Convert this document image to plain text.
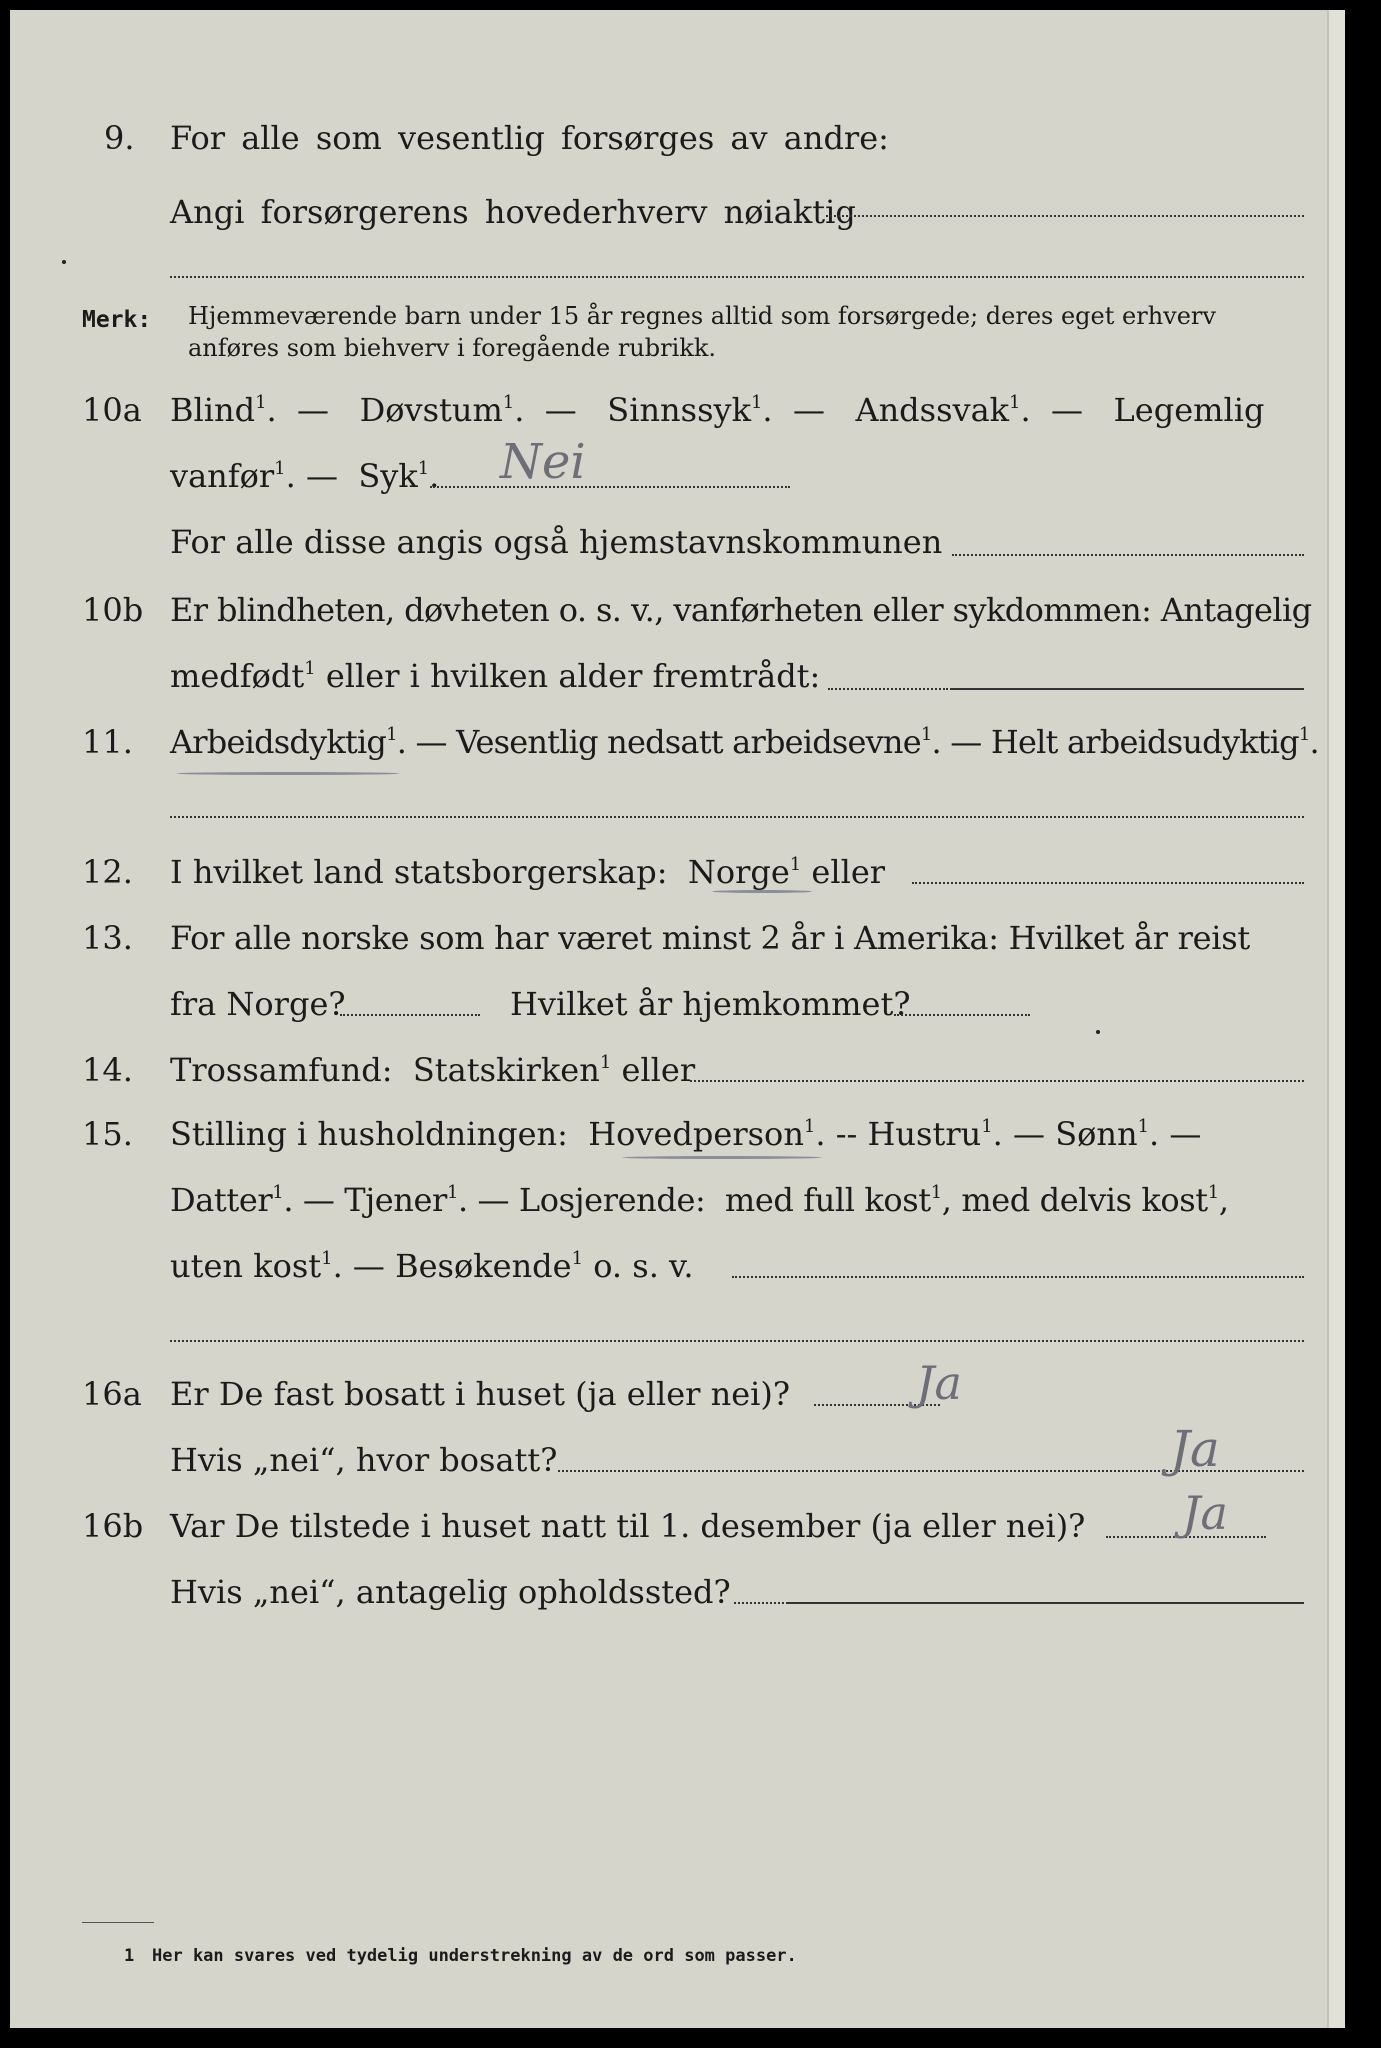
9. For alle som vesentlig forsørges av andre:
Angi forsørgerens hovederhverv nøiaktig
Merk: Hjemmeværende barn under 15 år regnes alltid som forsørgede; deres eget erhverv
anføres som biehverv i foregående rubrikk.
10a Blind$^1$.  —   Døvstum$^1$.  —   Sinnssyk$^1$.  —   Andssvak$^1$.  —   Legemlig
vanfør$^1$. —  Syk$^1$. Nei
For alle disse angis også hjemstavnskommunen
10b Er blindheten, døvheten o. s. v., vanførheten eller sykdommen: Antagelig
medfødt$^1$ eller i hvilken alder fremtrådt:
11. Arbeidsdyktig$^1$. — Vesentlig nedsatt arbeidsevne$^1$. — Helt arbeidsudyktig$^1$.
12. I hvilket land statsborgerskap: Norge$^1$ eller
13. For alle norske som har været minst 2 år i Amerika: Hvilket år reist
fra Norge?	Hvilket år hjemkommet?
14. Trossamfund: Statskirken$^1$ eller
15. Stilling i husholdningen: Hovedperson$^1$. -- Hustru$^1$. — Sønn$^1$. —
Datter$^1$. — Tjener$^1$. — Losjerende: med full kost$^1$, med delvis kost$^1$,
uten kost$^1$. — Besøkende$^1$ o. s. v.
16a Er De fast bosatt i huset (ja eller nei)?	Ja
Hvis „nei“, hvor bosatt?	Ja
16b Var De tilstede i huset natt til 1. desember (ja eller nei)? Ja
Hvis „nei“, antagelig opholdssted?
1 Her kan svares ved tydelig understrekning av de ord som passer.
